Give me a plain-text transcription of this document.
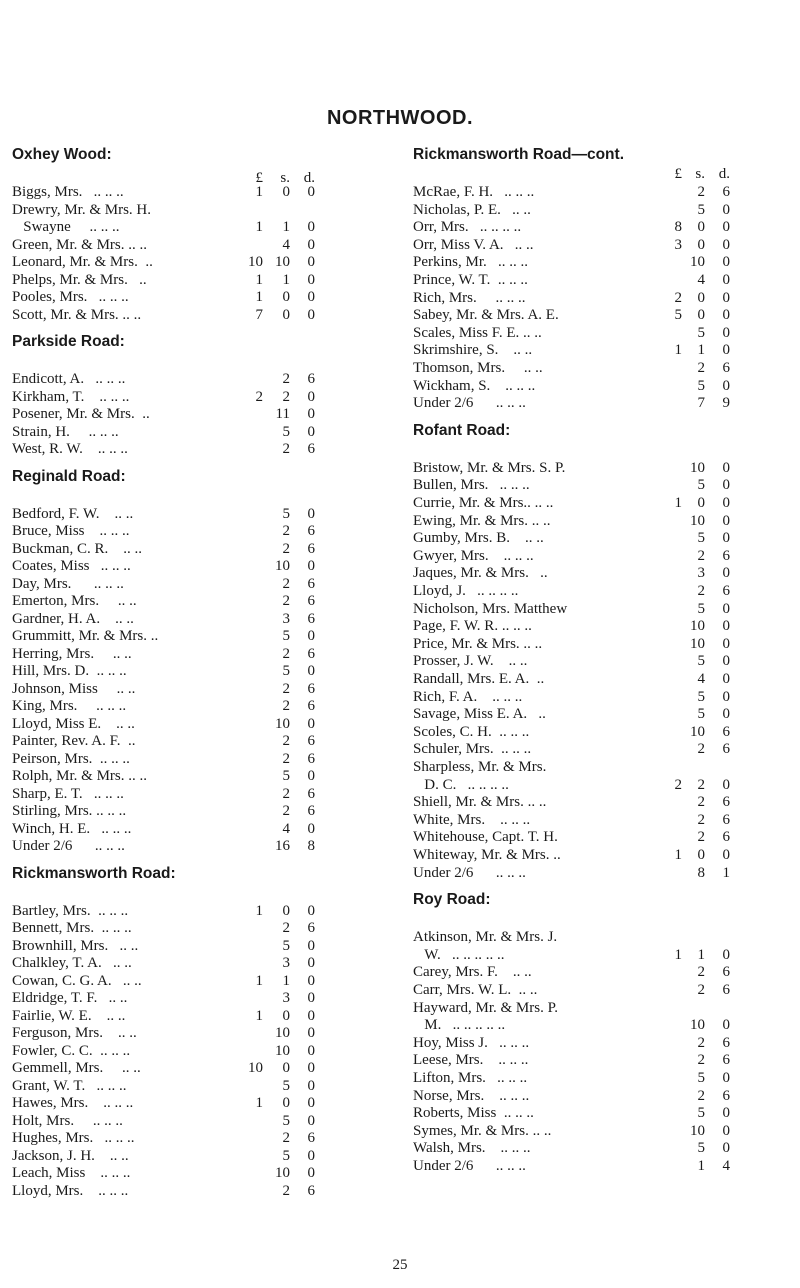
NORTHWOOD.
Oxhey Wood:
£	s. d.
Biggs, Mrs.   .. .. ..	1	0	0
Drewry, Mr. & Mrs. H.
Swayne     .. .. ..	1	1	0
Green, Mr. & Mrs. .. ..	4	0
Leonard, Mr. & Mrs.  ..	10 10	0
Phelps, Mr. & Mrs.   ..	1	1	0
Pooles, Mrs.   .. .. ..	1	0	0
Scott, Mr. & Mrs. .. ..	7	0	0
Parkside Road:
Endicott, A.   .. .. ..	2	6
Kirkham, T.    .. .. ..	2	2	0
Posener, Mr. & Mrs.  ..	11	0
Strain, H.     .. .. ..	5	0
West, R. W.    .. .. ..	2	6
Reginald Road:
Bedford, F. W.    .. ..	5	0
Bruce, Miss    .. .. ..	2	6
Buckman, C. R.    .. ..	2	6
Coates, Miss   .. .. ..	10	0
Day, Mrs.      .. .. ..	2	6
Emerton, Mrs.     .. ..	2	6
Gardner, H. A.    .. ..	3	6
Grummitt, Mr. & Mrs. ..	5	0
Herring, Mrs.     .. ..	2	6
Hill, Mrs. D.  .. .. ..	5	0
Johnson, Miss     .. ..	2	6
King, Mrs.     .. .. ..	2	6
Lloyd, Miss E.    .. ..	10	0
Painter, Rev. A. F.  ..	2	6
Peirson, Mrs.  .. .. ..	2	6
Rolph, Mr. & Mrs. .. ..	5	0
Sharp, E. T.   .. .. ..	2	6
Stirling, Mrs. .. .. ..	2	6
Winch, H. E.   .. .. ..	4	0
Under 2/6      .. .. ..	16	8
Rickmansworth Road:
Bartley, Mrs.  .. .. ..	1	0	0
Bennett, Mrs.  .. .. ..	2	6
Brownhill, Mrs.   .. ..	5	0
Chalkley, T. A.   .. ..	3	0
Cowan, C. G. A.   .. ..	1	1	0
Eldridge, T. F.   .. ..	3	0
Fairlie, W. E.    .. ..	1	0	0
Ferguson, Mrs.    .. ..	10	0
Fowler, C. C.  .. .. ..	10	0
Gemmell, Mrs.     .. ..	10	0	0
Grant, W. T.   .. .. ..	5	0
Hawes, Mrs.    .. .. ..	1	0	0
Holt, Mrs.     .. .. ..	5	0
Hughes, Mrs.   .. .. ..	2	6
Jackson, J. H.    .. ..	5	0
Leach, Miss    .. .. ..	10	0
Lloyd, Mrs.    .. .. ..	2	6
Rickmansworth Road—cont.
£ s. d.
McRae, F. H.   .. .. ..	2	6
Nicholas, P. E.   .. ..	5	0
Orr, Mrs.   .. .. .. ..	8	0	0
Orr, Miss V. A.   .. ..	3	0	0
Perkins, Mr.   .. .. ..	10	0
Prince, W. T.  .. .. ..	4	0
Rich, Mrs.     .. .. ..	2	0	0
Sabey, Mr. & Mrs. A. E.	5	0	0
Scales, Miss F. E. .. ..	5	0
Skrimshire, S.    .. ..	1	1	0
Thomson, Mrs.     .. ..	2	6
Wickham, S.    .. .. ..	5	0
Under 2/6      .. .. ..	7	9
Rofant Road:
Bristow, Mr. & Mrs. S. P.	10	0
Bullen, Mrs.   .. .. ..	5	0
Currie, Mr. & Mrs.. .. ..	1	0	0
Ewing, Mr. & Mrs. .. ..	10	0
Gumby, Mrs. B.    .. ..	5	0
Gwyer, Mrs.    .. .. ..	2	6
Jaques, Mr. & Mrs.   ..	3	0
Lloyd, J.   .. .. .. ..	2	6
Nicholson, Mrs. Matthew	5	0
Page, F. W. R. .. .. ..	10	0
Price, Mr. & Mrs. .. ..	10	0
Prosser, J. W.    .. ..	5	0
Randall, Mrs. E. A.  ..	4	0
Rich, F. A.    .. .. ..	5	0
Savage, Miss E. A.   ..	5	0
Scoles, C. H.  .. .. ..	10	6
Schuler, Mrs.  .. .. ..	2	6
Sharpless, Mr. & Mrs.
D. C.   .. .. .. ..	2	2	0
Shiell, Mr. & Mrs. .. ..	2	6
White, Mrs.    .. .. ..	2	6
Whitehouse, Capt. T. H.	2	6
Whiteway, Mr. & Mrs. ..	1	0	0
Under 2/6      .. .. ..	8	1
Roy Road:
Atkinson, Mr. & Mrs. J.
W.   .. .. .. .. ..	1	1	0
Carey, Mrs. F.    .. ..	2	6
Carr, Mrs. W. L.  .. ..	2	6
Hayward, Mr. & Mrs. P.
M.   .. .. .. .. ..	10	0
Hoy, Miss J.   .. .. ..	2	6
Leese, Mrs.    .. .. ..	2	6
Lifton, Mrs.   .. .. ..	5	0
Norse, Mrs.    .. .. ..	2	6
Roberts, Miss  .. .. ..	5	0
Symes, Mr. & Mrs. .. ..	10	0
Walsh, Mrs.    .. .. ..	5	0
Under 2/6      .. .. ..	1	4
25
